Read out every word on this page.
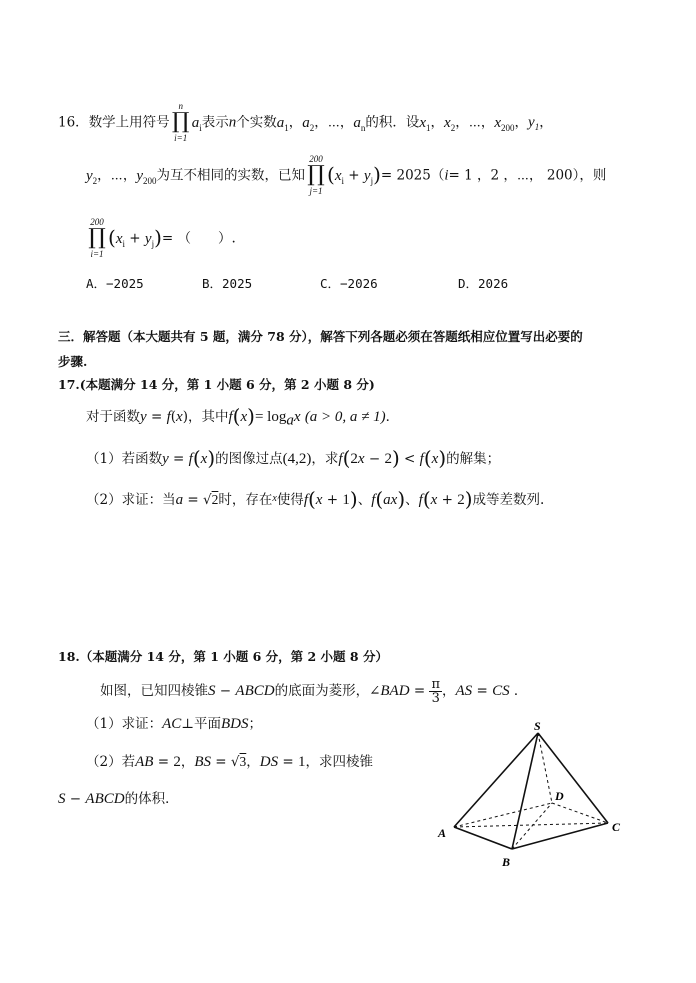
16．数学上用符号
n
∏
i=1
$a_i$表示n个实数$a_1$，$a_2$，⋯，$a_n$的积．设$x_1$，$x_2$，⋯，$x_{200}$，$y_1$，
$y_2$，⋯，$y_{200}$为互不相同的实数，已知
200
∏
j=1
$(x_i + y_j)= 2025(i= 1$ ，2 ，⋯， 200），则
200
∏
i=1
$(x_i + y_j)=$ （　　）.
A．−2025	B．2025	C．−2026	D．2026
三．解答题（本大题共有 5 题，满分 78 分），解答下列各题必须在答题纸相应位置写出必要的
步骤.
17.(本题满分 14 分，第 1 小题 6 分，第 2 小题 8 分)
对于函数y = f(x)，其中$f(x)= \log_ax$ (a > 0, a ≠ 1)．
（1）若函数y = f(x)的图像过点(4,2)，求f(2x − 2) < f(x)的解集；
（2）求证：当a = √2时，存在$^x$使得f(x + 1)、f(ax)、f(x + 2)成等差数列.
18.（本题满分 14 分，第 1 小题 6 分，第 2 小题 8 分）
如图，已知四棱锥S − ABCD的底面为菱形，∠BAD = $\frac{\pi}{3}$ ，AS = CS ．
（1）求证：AC⊥平面BDS；
（2）若AB = 2，BS = √3，DS = 1，求四棱锥
S − ABCD的体积．
S
A
B
C
D
